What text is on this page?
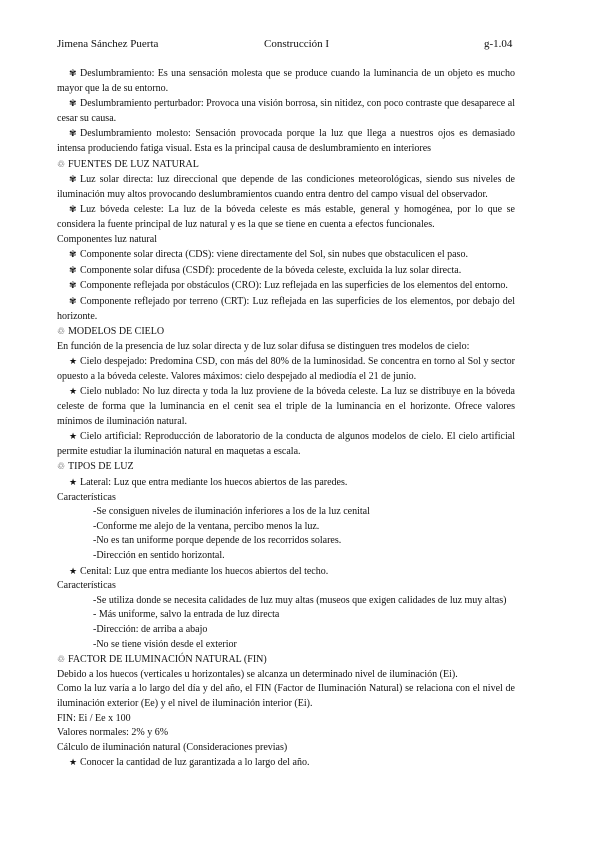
Jimena Sánchez Puerta	Construcción I	g-1.04

✾ Deslumbramiento: Es una sensación molesta que se produce cuando la luminancia de un objeto es mucho mayor que la de su entorno.

✾ Deslumbramiento perturbador: Provoca una visión borrosa, sin nitidez, con poco contraste que desaparece al cesar su causa.

✾ Deslumbramiento molesto: Sensación provocada porque la luz que llega a nuestros ojos es demasiado intensa produciendo fatiga visual. Esta es la principal causa de deslumbramiento en interiores

♲ FUENTES DE LUZ NATURAL

✾ Luz solar directa: luz direccional que depende de las condiciones meteorológicas, siendo sus niveles de iluminación muy altos provocando deslumbramientos cuando entra dentro del campo visual del observador.

✾ Luz bóveda celeste: La luz de la bóveda celeste es más estable, general y homogénea, por lo que se considera la fuente principal de luz natural y es la que se tiene en cuenta a efectos funcionales.

Componentes luz natural

✾ Componente solar directa (CDS): viene directamente del Sol, sin nubes que obstaculicen el paso.

✾ Componente solar difusa (CSDf): procedente de la bóveda celeste, excluida la luz solar directa.

✾ Componente reflejada por obstáculos (CRO): Luz reflejada en las superficies de los elementos del entorno.

✾ Componente reflejado por terreno (CRT): Luz reflejada en las superficies de los elementos, por debajo del horizonte.

♲ MODELOS DE CIELO

En función de la presencia de luz solar directa y de luz solar difusa se distinguen tres modelos de cielo:

★ Cielo despejado: Predomina CSD, con más del 80% de la luminosidad. Se concentra en torno al Sol y sector opuesto a la bóveda celeste. Valores máximos: cielo despejado al mediodía el 21 de junio.

★ Cielo nublado: No luz directa y toda la luz proviene de la bóveda celeste. La luz se distribuye en la bóveda celeste de forma que la luminancia en el cenit sea el triple de la luminancia en el horizonte. Ofrece valores mínimos de iluminación natural.

★ Cielo artificial: Reproducción de laboratorio de la conducta de algunos modelos de cielo. El cielo artificial permite estudiar la iluminación natural en maquetas a escala.

♲ TIPOS DE LUZ

★ Lateral: Luz que entra mediante los huecos abiertos de las paredes.

Características

-Se consiguen niveles de iluminación inferiores a los de la luz cenital

-Conforme me alejo de la ventana, percibo menos la luz.

-No es tan uniforme porque depende de los recorridos solares.

-Dirección en sentido horizontal.

★ Cenital: Luz que entra mediante los huecos abiertos del techo.

Características

-Se utiliza donde se necesita calidades de luz muy altas (museos que exigen calidades de luz muy altas)

- Más uniforme, salvo la entrada de luz directa

-Dirección: de arriba a abajo

-No se tiene visión desde el exterior

♲ FACTOR DE ILUMINACIÓN NATURAL (FIN)

Debido a los huecos (verticales u horizontales) se alcanza un determinado nivel de iluminación (Ei).

Como la luz varía a lo largo del día y del año, el FIN (Factor de Iluminación Natural) se relaciona con el nivel de iluminación exterior (Ee) y el nivel de iluminación interior (Ei).

FIN: Ei / Ee x 100

Valores normales: 2% y 6%

Cálculo de iluminación natural (Consideraciones previas)

★ Conocer la cantidad de luz garantizada a lo largo del año.
